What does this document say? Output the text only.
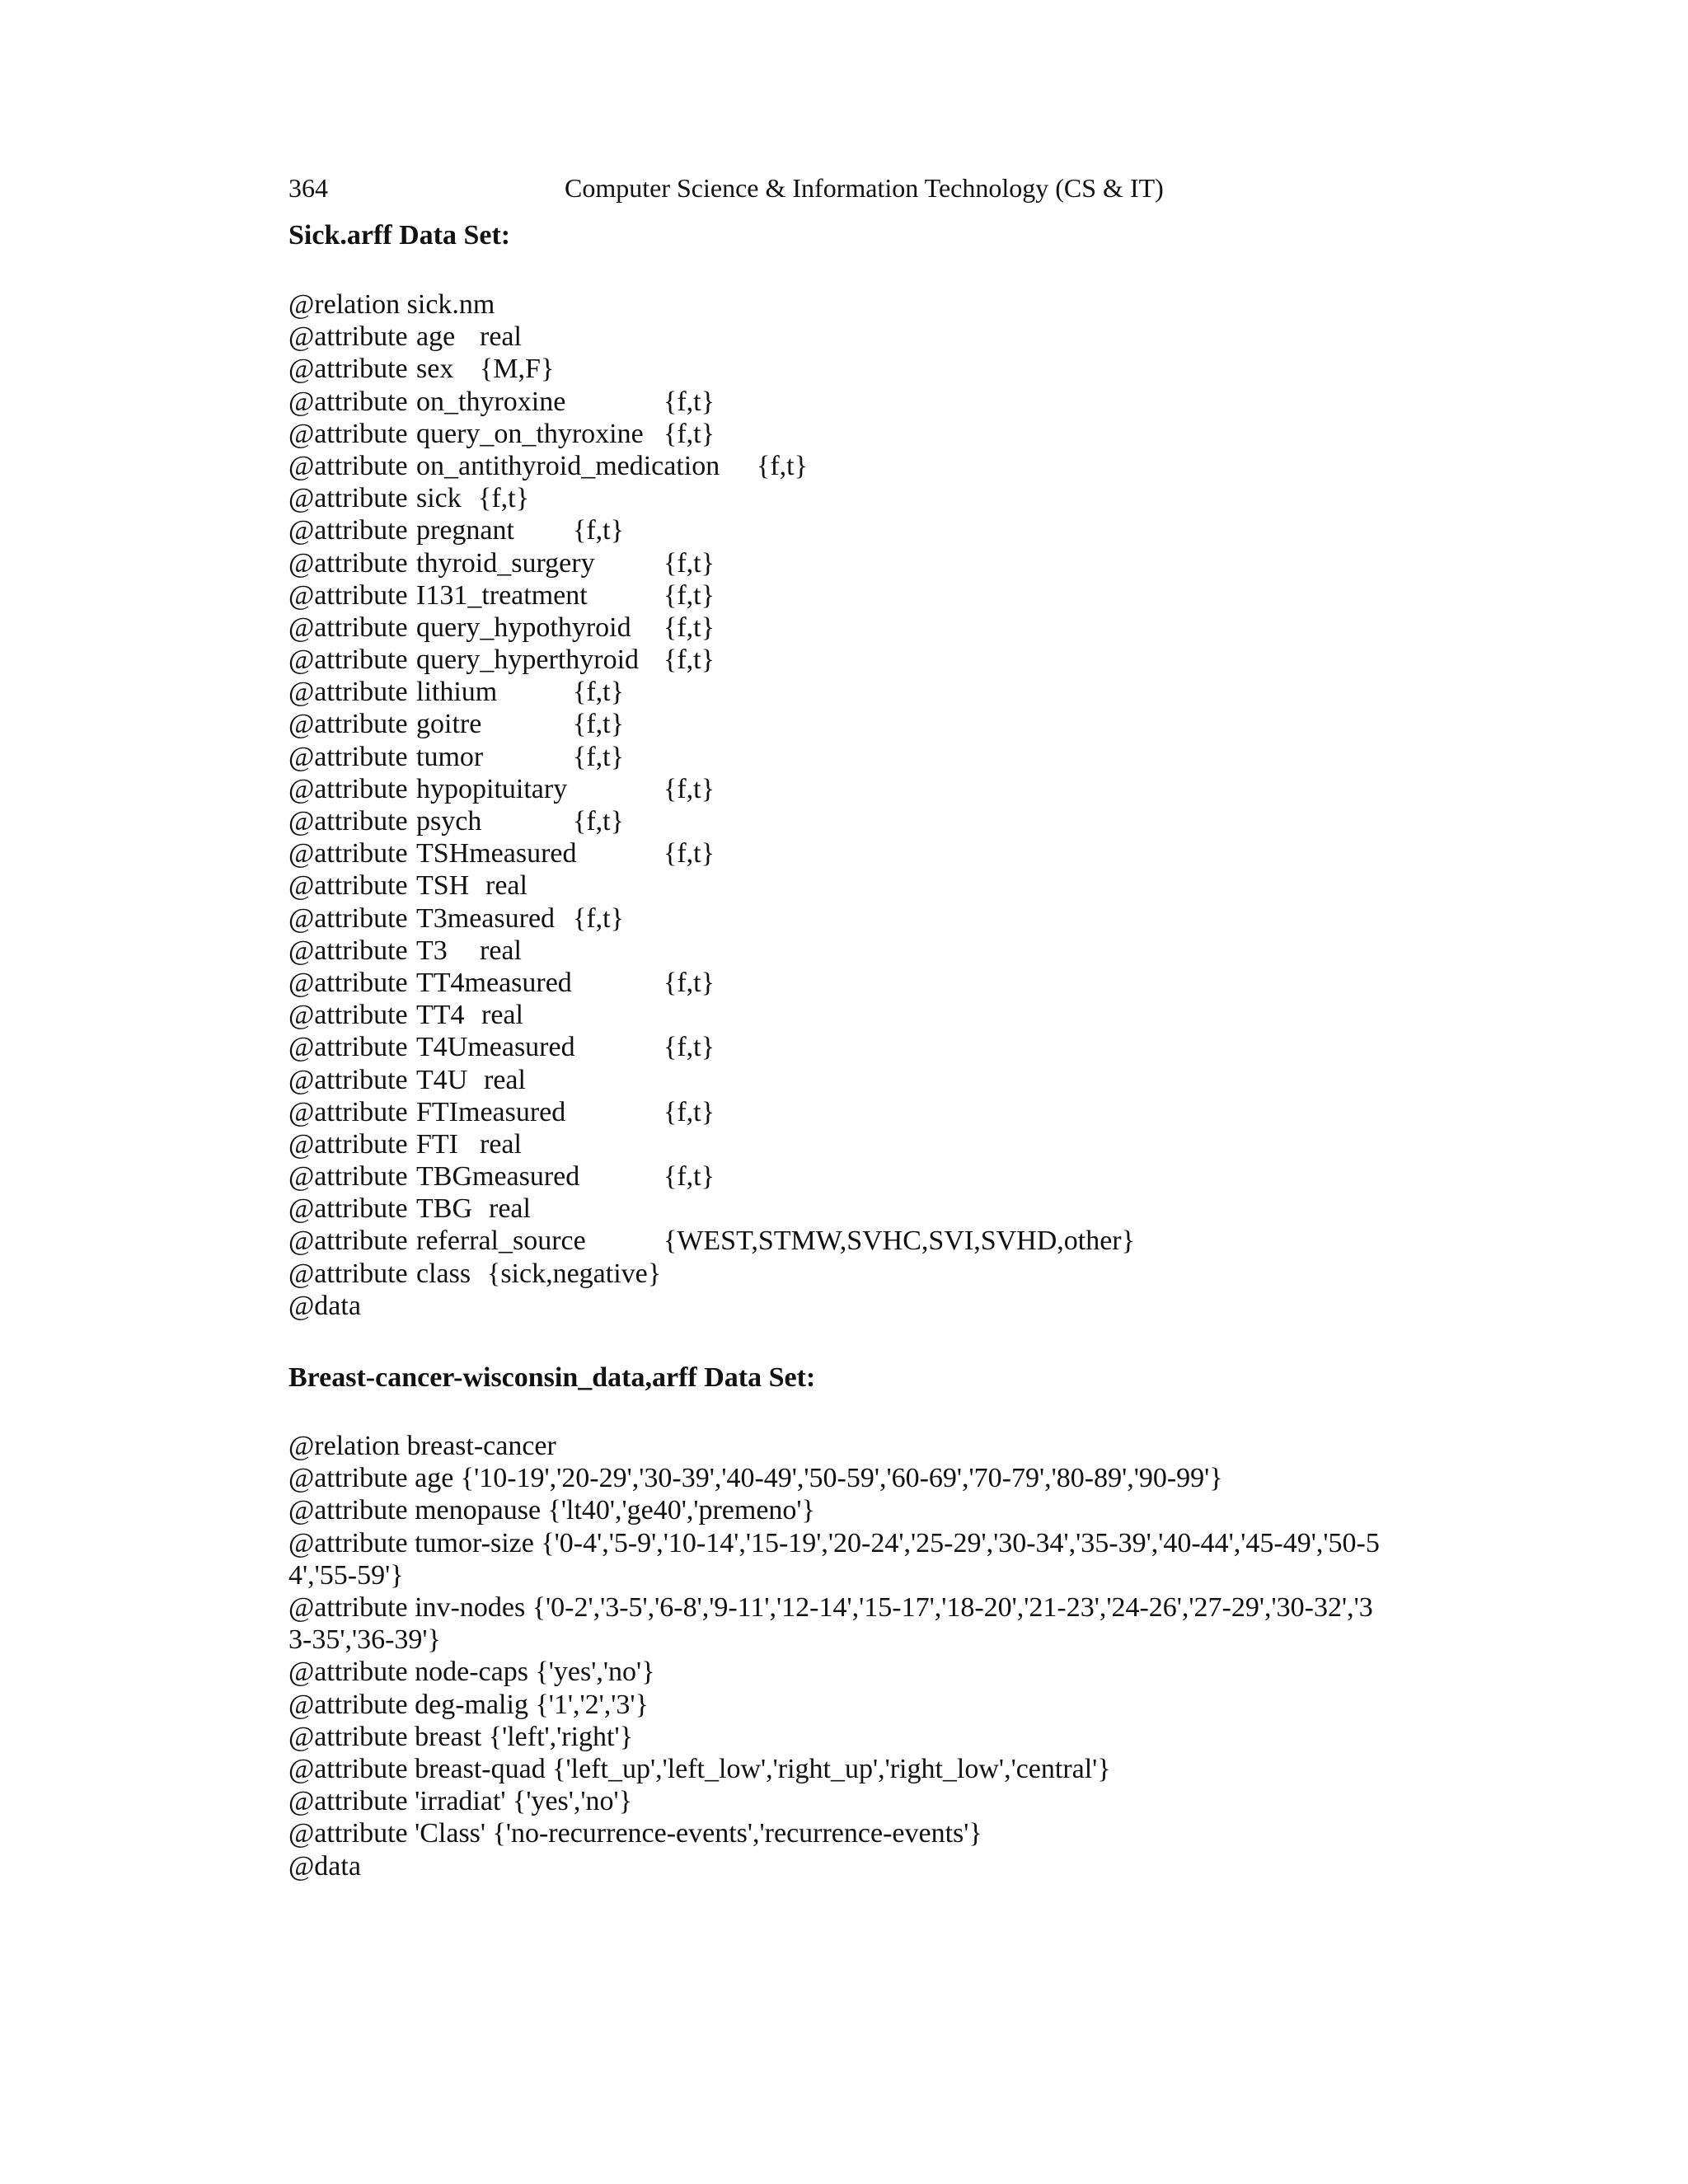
364	Computer Science & Information Technology (CS & IT)
Sick.arff Data Set:
@relation sick.nm
@attribute age real
@attribute sex {M,F}
@attribute on_thyroxine	{f,t}
@attribute query_on_thyroxine {f,t}
@attribute on_antithyroid_medication {f,t}
@attribute sick {f,t}
@attribute pregnant {f,t}
@attribute thyroid_surgery {f,t}
@attribute I131_treatment	{f,t}
@attribute query_hypothyroid {f,t}
@attribute query_hyperthyroid {f,t}
@attribute lithium	{f,t}
@attribute goitre	{f,t}
@attribute tumor	{f,t}
@attribute hypopituitary	{f,t}
@attribute psych	{f,t}
@attribute TSHmeasured	{f,t}
@attribute TSH real
@attribute T3measured {f,t}
@attribute T3 real
@attribute TT4measured	{f,t}
@attribute TT4 real
@attribute T4Umeasured	{f,t}
@attribute T4U real
@attribute FTImeasured	{f,t}
@attribute FTI real
@attribute TBGmeasured	{f,t}
@attribute TBG real
@attribute referral_source	{WEST,STMW,SVHC,SVI,SVHD,other}
@attribute class {sick,negative}
@data
Breast-cancer-wisconsin_data,arff Data Set:
@relation breast-cancer
@attribute age {'10-19','20-29','30-39','40-49','50-59','60-69','70-79','80-89','90-99'}
@attribute menopause {'lt40','ge40','premeno'}
@attribute tumor-size {'0-4','5-9','10-14','15-19','20-24','25-29','30-34','35-39','40-44','45-49','50-54','55-59'}
@attribute inv-nodes {'0-2','3-5','6-8','9-11','12-14','15-17','18-20','21-23','24-26','27-29','30-32','33-35','36-39'}
@attribute node-caps {'yes','no'}
@attribute deg-malig {'1','2','3'}
@attribute breast {'left','right'}
@attribute breast-quad {'left_up','left_low','right_up','right_low','central'}
@attribute 'irradiat' {'yes','no'}
@attribute 'Class' {'no-recurrence-events','recurrence-events'}
@data
